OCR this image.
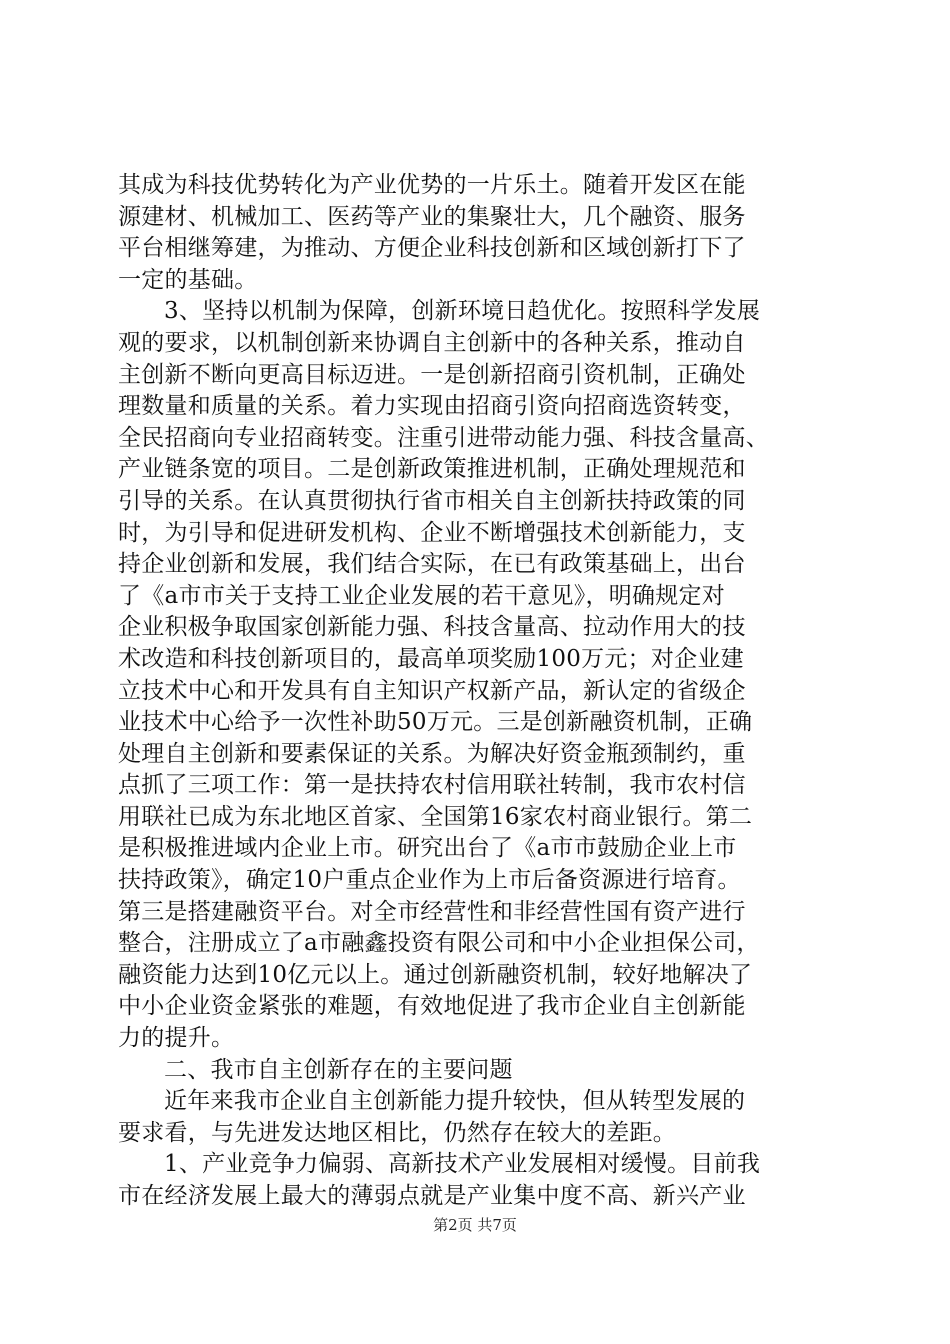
其成为科技优势转化为产业优势的一片乐土。随着开发区在能
源建材、机械加工、医药等产业的集聚壮大，几个融资、服务
平台相继筹建，为推动、方便企业科技创新和区域创新打下了
一定的基础。
3、坚持以机制为保障，创新环境日趋优化。按照科学发展
观的要求，以机制创新来协调自主创新中的各种关系，推动自
主创新不断向更高目标迈进。一是创新招商引资机制，正确处
理数量和质量的关系。着力实现由招商引资向招商选资转变，
全民招商向专业招商转变。注重引进带动能力强、科技含量高、
产业链条宽的项目。二是创新政策推进机制，正确处理规范和
引导的关系。在认真贯彻执行省市相关自主创新扶持政策的同
时，为引导和促进研发机构、企业不断增强技术创新能力，支
持企业创新和发展，我们结合实际，在已有政策基础上，出台
了《a市市关于支持工业企业发展的若干意见》，明确规定对
企业积极争取国家创新能力强、科技含量高、拉动作用大的技
术改造和科技创新项目的，最高单项奖励100万元；对企业建
立技术中心和开发具有自主知识产权新产品，新认定的省级企
业技术中心给予一次性补助50万元。三是创新融资机制，正确
处理自主创新和要素保证的关系。为解决好资金瓶颈制约，重
点抓了三项工作：第一是扶持农村信用联社转制，我市农村信
用联社已成为东北地区首家、全国第16家农村商业银行。第二
是积极推进域内企业上市。研究出台了《a市市鼓励企业上市
扶持政策》，确定10户重点企业作为上市后备资源进行培育。
第三是搭建融资平台。对全市经营性和非经营性国有资产进行
整合，注册成立了a市融鑫投资有限公司和中小企业担保公司，
融资能力达到10亿元以上。通过创新融资机制，较好地解决了
中小企业资金紧张的难题，有效地促进了我市企业自主创新能
力的提升。
二、我市自主创新存在的主要问题
近年来我市企业自主创新能力提升较快，但从转型发展的
要求看，与先进发达地区相比，仍然存在较大的差距。
1、产业竞争力偏弱、高新技术产业发展相对缓慢。目前我
市在经济发展上最大的薄弱点就是产业集中度不高、新兴产业
第2页 共7页
